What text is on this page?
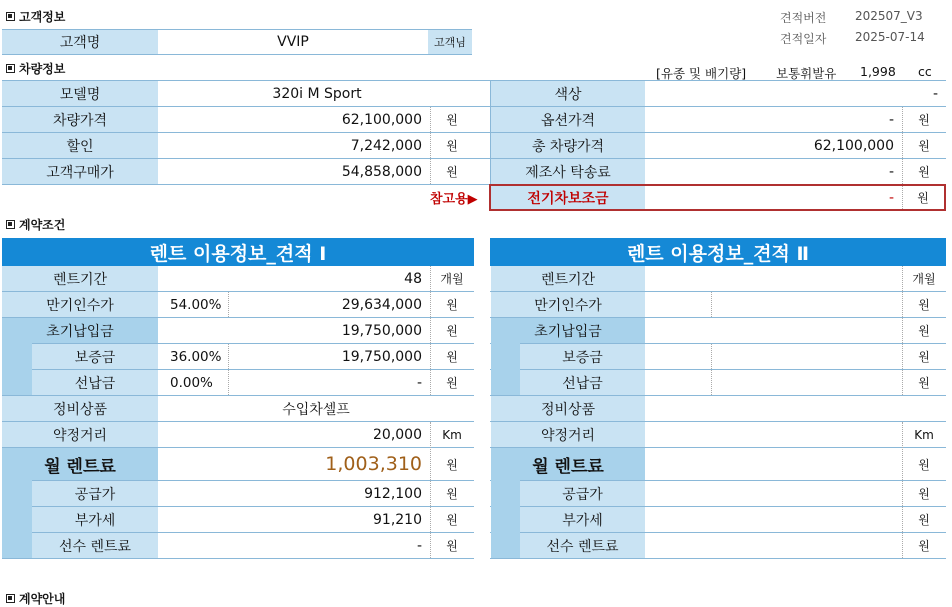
고객정보	견적버전 202507_V3
견적일자 2025-07-14
고객명	VVIP	고객님
차량정보	[유종 및 배기량] 보통휘발유 1,998 cc
모델명	320i M Sport	색상	-
차량가격	62,100,000	원	옵션가격	-	원
할인	7,242,000	원	총 차량가격	62,100,000	원
고객구매가	54,858,000	원	제조사 탁송료	-	원
참고용▶	전기차보조금	-	원
계약조건
렌트 이용정보_견적 Ⅰ	렌트 이용정보_견적 Ⅱ
렌트기간	48	개월
만기인수가	54.00%	29,634,000	원
초기납입금	19,750,000	원
보증금	36.00%	19,750,000	원
선납금	0.00%	-	원
정비상품	수입차셀프
약정거리	20,000	Km
월 렌트료	1,003,310	원
공급가	912,100	원
부가세	91,210	원
선수 렌트료	-	원
렌트기간	개월
만기인수가	원
초기납입금	원
보증금	원
선납금	원
정비상품
약정거리	Km
월 렌트료	원
공급가	원
부가세	원
선수 렌트료	원
계약안내
